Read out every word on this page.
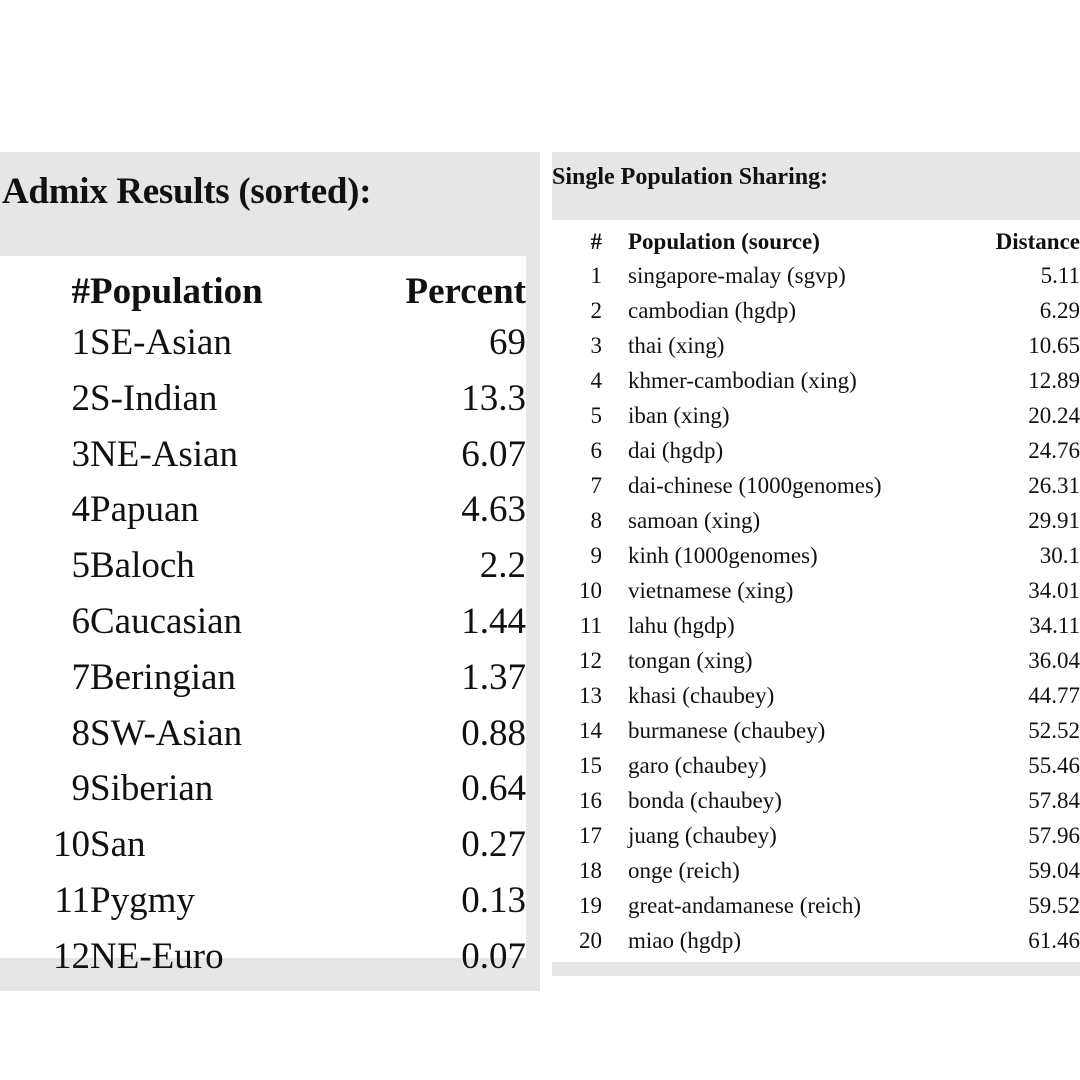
Admix Results (sorted):
#	Population	Percent
1	SE-Asian	69
2	S-Indian	13.3
3	NE-Asian	6.07
4	Papuan	4.63
5	Baloch	2.2
6	Caucasian	1.44
7	Beringian	1.37
8	SW-Asian	0.88
9	Siberian	0.64
10	San	0.27
11	Pygmy	0.13
12	NE-Euro	0.07
Single Population Sharing:
#	Population (source)	Distance
1	singapore-malay (sgvp)	5.11
2	cambodian (hgdp)	6.29
3	thai (xing)	10.65
4	khmer-cambodian (xing)	12.89
5	iban (xing)	20.24
6	dai (hgdp)	24.76
7	dai-chinese (1000genomes)	26.31
8	samoan (xing)	29.91
9	kinh (1000genomes)	30.1
10	vietnamese (xing)	34.01
11	lahu (hgdp)	34.11
12	tongan (xing)	36.04
13	khasi (chaubey)	44.77
14	burmanese (chaubey)	52.52
15	garo (chaubey)	55.46
16	bonda (chaubey)	57.84
17	juang (chaubey)	57.96
18	onge (reich)	59.04
19	great-andamanese (reich)	59.52
20	miao (hgdp)	61.46
